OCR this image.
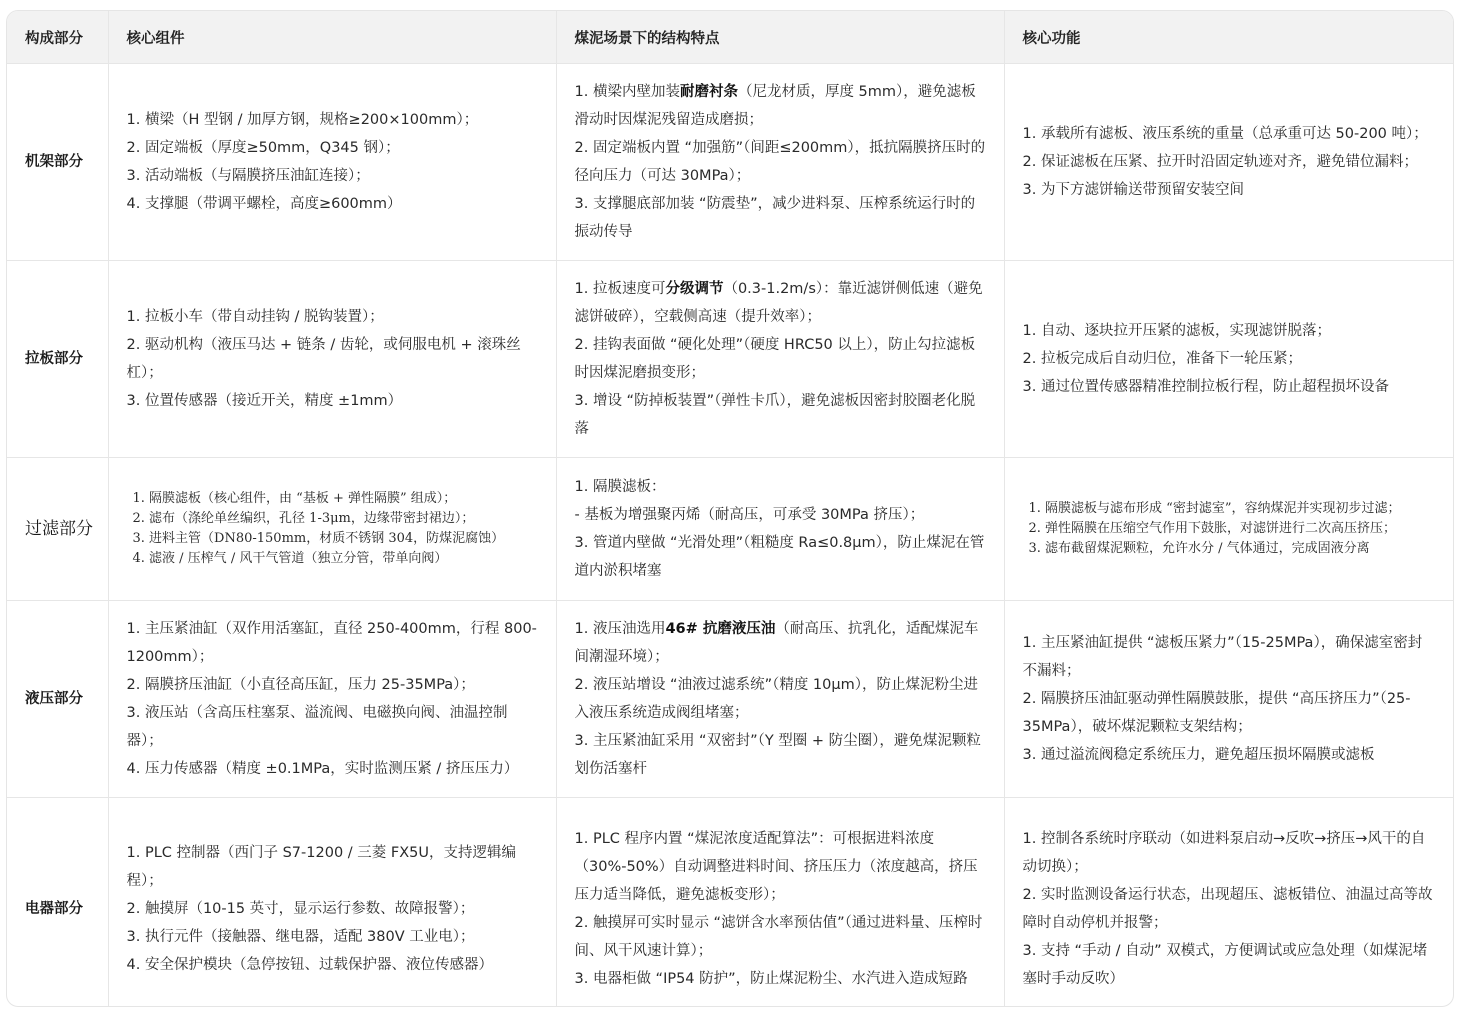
构成部分	核心组件	煤泥场景下的结构特点	核心功能
机架部分	1. 横梁（H 型钢 / 加厚方钢，规格≥200×100mm）；
2. 固定端板（厚度≥50mm，Q345 钢）；
3. 活动端板（与隔膜挤压油缸连接）；
4. 支撑腿（带调平螺栓，高度≥600mm）	1. 横梁内壁加装耐磨衬条（尼龙材质，厚度 5mm），避免滤板滑动时因煤泥残留造成磨损；
2. 固定端板内置 “加强筋”（间距≤200mm），抵抗隔膜挤压时的径向压力（可达 30MPa）；
3. 支撑腿底部加装 “防震垫”，减少进料泵、压榨系统运行时的振动传导	1. 承载所有滤板、液压系统的重量（总承重可达 50-200 吨）；
2. 保证滤板在压紧、拉开时沿固定轨迹对齐，避免错位漏料；
3. 为下方滤饼输送带预留安装空间

拉板部分	1. 拉板小车（带自动挂钩 / 脱钩装置）；
2. 驱动机构（液压马达 + 链条 / 齿轮，或伺服电机 + 滚珠丝杠）；
3. 位置传感器（接近开关，精度 ±1mm）	1. 拉板速度可分级调节（0.3-1.2m/s）：靠近滤饼侧低速（避免滤饼破碎），空载侧高速（提升效率）；
2. 挂钩表面做 “硬化处理”（硬度 HRC50 以上），防止勾拉滤板时因煤泥磨损变形；
3. 增设 “防掉板装置”（弹性卡爪），避免滤板因密封胶圈老化脱落	1. 自动、逐块拉开压紧的滤板，实现滤饼脱落；
2. 拉板完成后自动归位，准备下一轮压紧；
3. 通过位置传感器精准控制拉板行程，防止超程损坏设备

过滤部分	1. 隔膜滤板（核心组件，由 “基板 + 弹性隔膜” 组成）；
2. 滤布（涤纶单丝编织，孔径 1-3μm，边缘带密封裙边）；
3. 进料主管（DN80-150mm，材质不锈钢 304，防煤泥腐蚀）
4. 滤液 / 压榨气 / 风干气管道（独立分管，带单向阀）	1. 隔膜滤板：
- 基板为增强聚丙烯（耐高压，可承受 30MPa 挤压）；
3. 管道内壁做 “光滑处理”（粗糙度 Ra≤0.8μm），防止煤泥在管道内淤积堵塞	1. 隔膜滤板与滤布形成 “密封滤室”，容纳煤泥并实现初步过滤；
2. 弹性隔膜在压缩空气作用下鼓胀，对滤饼进行二次高压挤压；
3. 滤布截留煤泥颗粒，允许水分 / 气体通过，完成固液分离

液压部分	1. 主压紧油缸（双作用活塞缸，直径 250-400mm，行程 800-1200mm）；
2. 隔膜挤压油缸（小直径高压缸，压力 25-35MPa）；
3. 液压站（含高压柱塞泵、溢流阀、电磁换向阀、油温控制器）；
4. 压力传感器（精度 ±0.1MPa，实时监测压紧 / 挤压压力）	1. 液压油选用46# 抗磨液压油（耐高压、抗乳化，适配煤泥车间潮湿环境）；
2. 液压站增设 “油液过滤系统”（精度 10μm），防止煤泥粉尘进入液压系统造成阀组堵塞；
3. 主压紧油缸采用 “双密封”（Y 型圈 + 防尘圈），避免煤泥颗粒划伤活塞杆	1. 主压紧油缸提供 “滤板压紧力”（15-25MPa），确保滤室密封不漏料；
2. 隔膜挤压油缸驱动弹性隔膜鼓胀，提供 “高压挤压力”（25-35MPa），破坏煤泥颗粒支架结构；
3. 通过溢流阀稳定系统压力，避免超压损坏隔膜或滤板

电器部分	1. PLC 控制器（西门子 S7-1200 / 三菱 FX5U，支持逻辑编程）；
2. 触摸屏（10-15 英寸，显示运行参数、故障报警）；
3. 执行元件（接触器、继电器，适配 380V 工业电）；
4. 安全保护模块（急停按钮、过载保护器、液位传感器）	1. PLC 程序内置 “煤泥浓度适配算法”：可根据进料浓度（30%-50%）自动调整进料时间、挤压压力（浓度越高，挤压压力适当降低，避免滤板变形）；
2. 触摸屏可实时显示 “滤饼含水率预估值”（通过进料量、压榨时间、风干风速计算）；
3. 电器柜做 “IP54 防护”，防止煤泥粉尘、水汽进入造成短路	1. 控制各系统时序联动（如进料泵启动→反吹→挤压→风干的自动切换）；
2. 实时监测设备运行状态，出现超压、滤板错位、油温过高等故障时自动停机并报警；
3. 支持 “手动 / 自动” 双模式，方便调试或应急处理（如煤泥堵塞时手动反吹）
